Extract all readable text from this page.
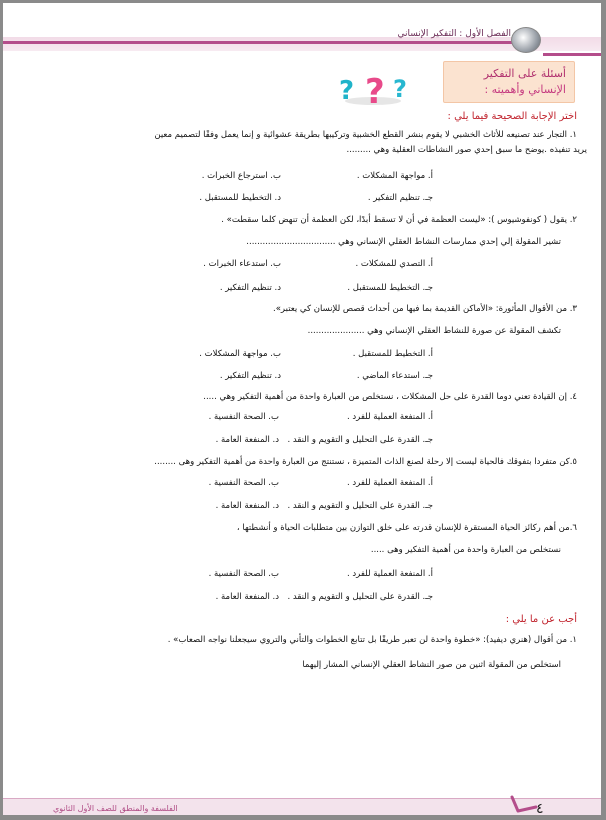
الفصل الأول : التفكير الإنساني
أسئلة على التفكير
الإنساني وأهميته :
? ? ?
اختر الإجابة الصحيحة فيما يلي :
١. التجار عند تصنيعه للأثاث الخشبي لا يقوم بنشر القطع الخشبية وتركيبها بطريقة عشوائية و إنما يعمل وفقًا لتصميم معين
يريد تنفيذه .يوضح ما سبق إحدي صور النشاطات العقلية وهي .........
أ. مواجهة المشكلات .
ب. استرجاع الخبرات .
جـ. تنظيم التفكير .
د. التخطيط للمستقبل .
٢. يقول ( كونفوشيوس ): «ليست العظمة في أن لا تسقط أبدًا، لكن العظمة أن تنهض كلما سقطت» .
تشير المقولة إلي إحدي ممارسات النشاط العقلي الإنساني وهي .................................
أ. التصدي للمشكلات .
ب. استدعاء الخبرات .
جـ. التخطيط للمستقبل .
د. تنظيم التفكير .
٣. من الأقوال المأثورة: «الأماكن القديمة بما فيها من أحداث قصص للإنسان كي يعتبر».
تكشف المقولة عن صورة للنشاط العقلي الإنساني وهي .....................
أ. التخطيط للمستقبل .
ب. مواجهة المشكلات .
جـ. استدعاء الماضي .
د. تنظيم التفكير .
٤. إن القيادة تعني دوما القدرة على حل المشكلات ، نستخلص من العبارة واحدة من أهمية التفكير وهي .....
أ. المنفعة العملية للفرد .
ب. الصحة النفسية .
جـ. القدرة على التحليل و التقويم و النقد .
د. المنفعة العامة .
٥.كن متفردا بتفوقك فالحياة ليست إلا رحلة لصنع الذات المتميزة ، نستنتج من العبارة واحدة من أهمية التفكير وهى ........
أ. المنفعة العملية للفرد .
ب. الصحة النفسية .
جـ. القدرة على التحليل و التقويم و النقد .
د. المنفعة العامة .
٦.من أهم ركائز الحياة المستقرة للإنسان قدرته على خلق التوازن بين متطلبات الحياة و أنشطتها ،
نستخلص من العبارة واحدة من أهمية التفكير وهى .....
أ. المنفعة العملية للفرد .
ب. الصحة النفسية .
جـ. القدرة على التحليل و التقويم و النقد .
د. المنفعة العامة .
أجب عن ما يلي :
١. من أقوال (هنري ديفيد): «خطوة واحدة لن تعبر طريقًا بل تتابع الخطوات والتأني والتروي سيجعلنا نواجه الصعاب» .
استخلص من المقولة اثنين من صور النشاط العقلي الإنساني المشار إليهما
الفلسفة والمنطق للصف الأول الثانوي	٤
